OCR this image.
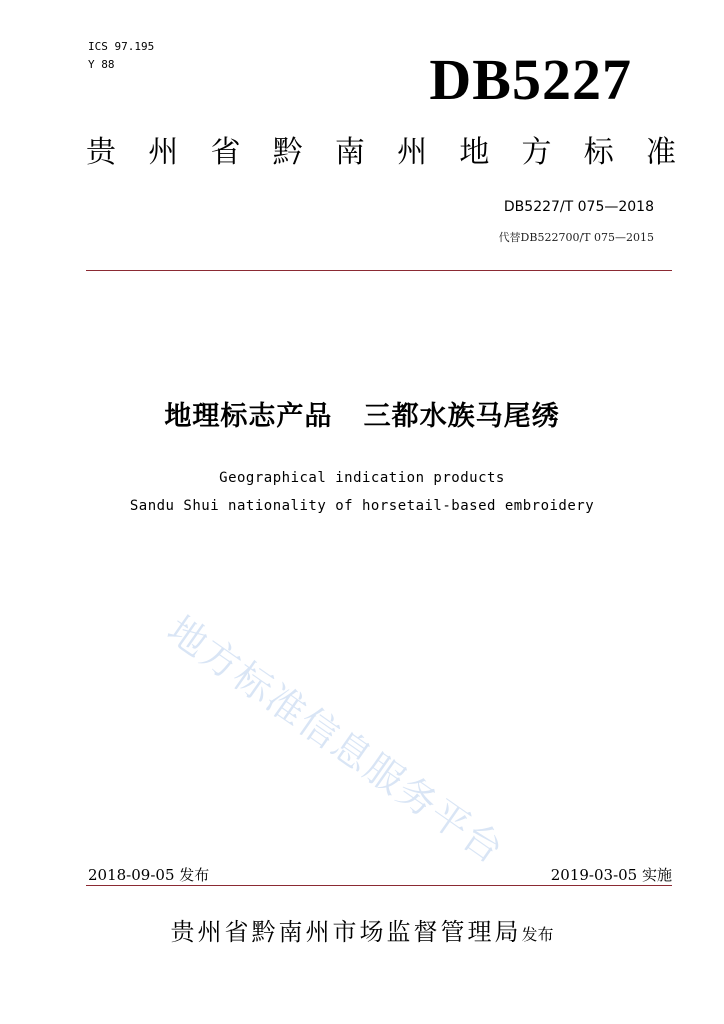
ICS 97.195
Y 88	DB5227
贵 州 省 黔 南 州 地 方 标 准
DB5227/T 075—2018
代替DB522700/T 075—2015
地理标志产品   三都水族马尾绣
Geographical indication products
Sandu Shui nationality of horsetail-based embroidery
地方标准信息服务平台
2018-09-05 发布	2019-03-05 实施
贵州省黔南州市场监督管理局发布
